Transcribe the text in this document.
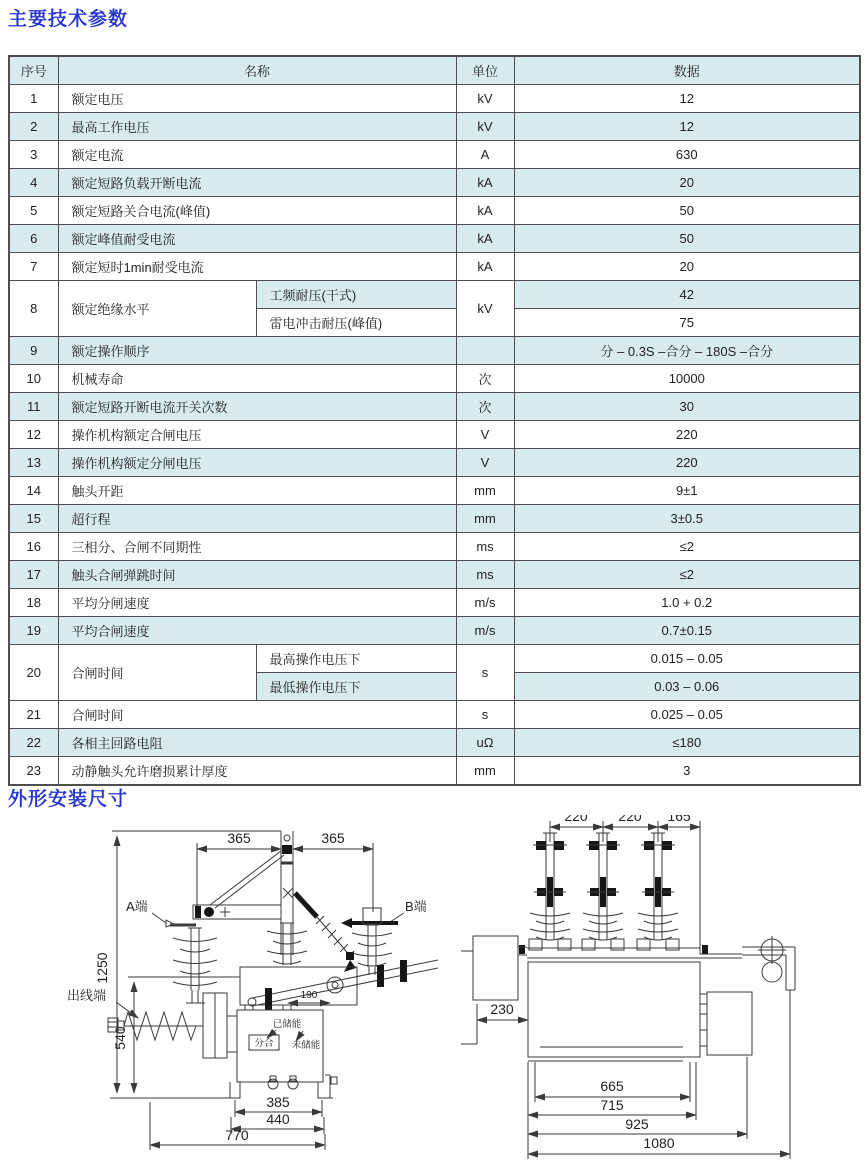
主要技术参数
序号	名称		单位	数据
1	额定电压		kV	12
2	最高工作电压		kV	12
3	额定电流		A	630
4	额定短路负载开断电流		kA	20
5	额定短路关合电流(峰值)		kA	50
6	额定峰值耐受电流		kA	50
7	额定短时1min耐受电流		kA	20
8	额定绝缘水平	工频耐压(干式)	kV	42
		雷电冲击耐压(峰值)		75
9	额定操作顺序			分 – 0.3S –合分 – 180S –合分
10	机械寿命		次	10000
11	额定短路开断电流开关次数		次	30
12	操作机构额定合闸电压		V	220
13	操作机构额定分闸电压		V	220
14	触头开距		mm	9±1
15	超行程		mm	3±0.5
16	三相分、合闸不同期性		ms	≤2
17	触头合闸弹跳时间		ms	≤2
18	平均分闸速度		m/s	1.0 + 0.2
19	平均合闸速度		m/s	0.7±0.15
20	合闸时间	最高操作电压下	s	0.015 – 0.05
		最低操作电压下		0.03 – 0.06
21	合闸时间		s	0.025 – 0.05
22	各相主回路电阻		uΩ	≤180
23	动静触头允许磨损累计厚度		mm	3
外形安装尺寸
1250
540
365	365
A端	B端
190
出线端
已储能
分合 未储能
385
440
770
220 220 165
230
665
715
925
1080
